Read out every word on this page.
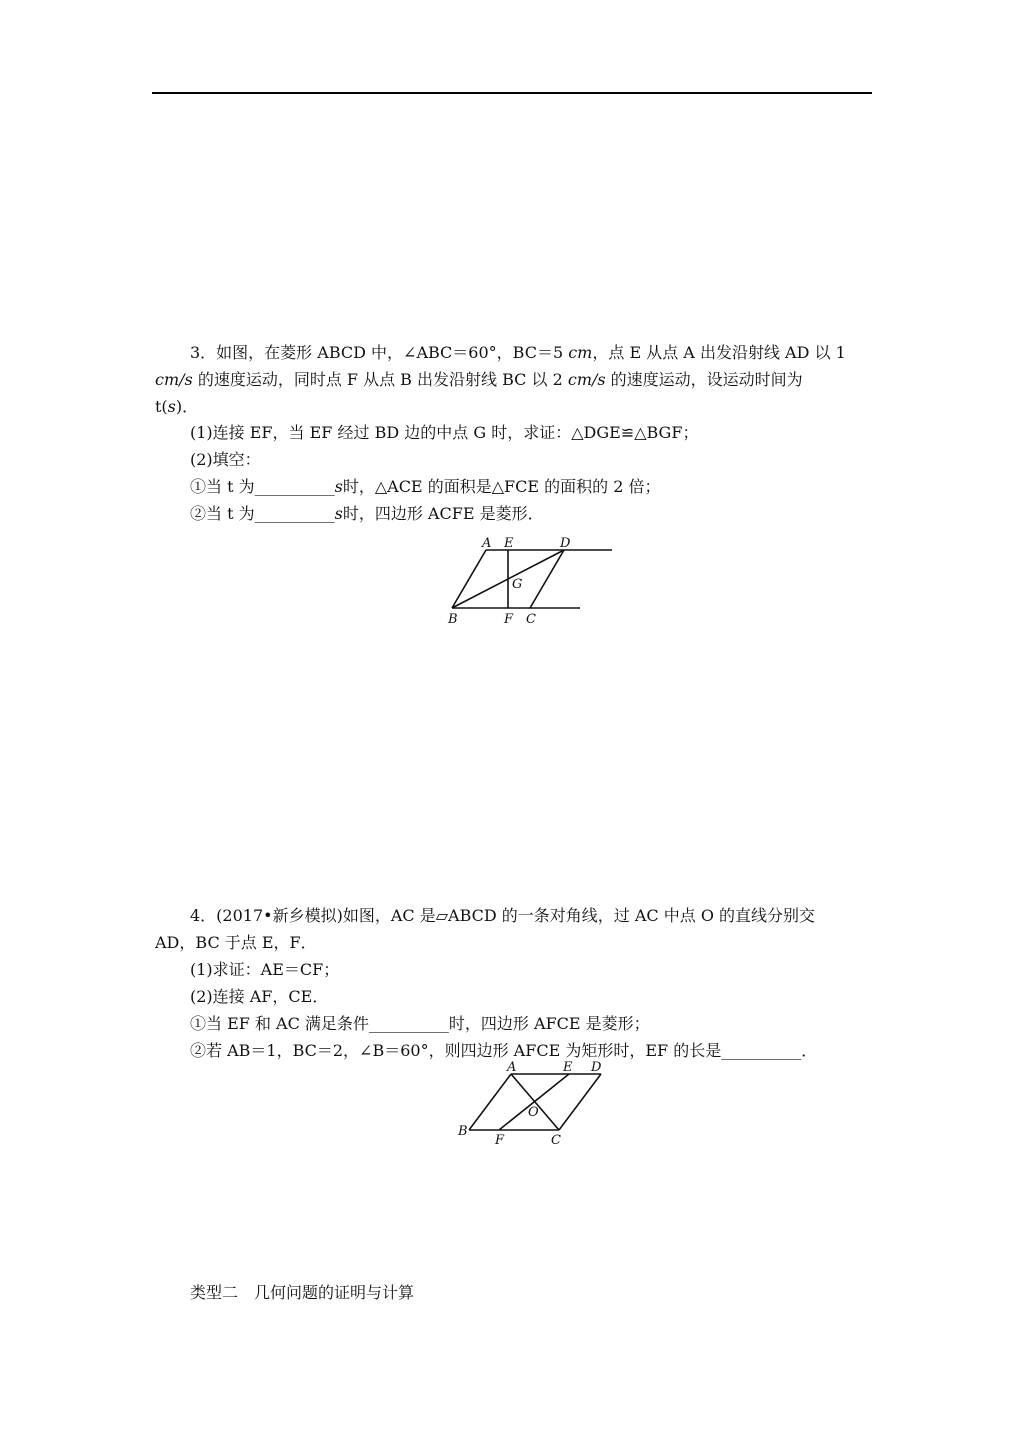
3．如图，在菱形 ABCD 中，∠ABC＝60°，BC＝5 cm，点 E 从点 A 出发沿射线 AD 以 1
cm/s 的速度运动，同时点 F 从点 B 出发沿射线 BC 以 2 cm/s 的速度运动，设运动时间为
t(s)．
(1)连接 EF，当 EF 经过 BD 边的中点 G 时，求证：△DGE≌△BGF；
(2)填空：
①当 t 为__________s时，△ACE 的面积是△FCE 的面积的 2 倍；
②当 t 为__________s时，四边形 ACFE 是菱形．
A E	D
G
B	F C
4．(2017•新乡模拟)如图，AC 是▱ABCD 的一条对角线，过 AC 中点 O 的直线分别交
AD，BC 于点 E，F．
(1)求证：AE＝CF；
(2)连接 AF，CE．
①当 EF 和 AC 满足条件__________时，四边形 AFCE 是菱形；
②若 AB＝1，BC＝2，∠B＝60°，则四边形 AFCE 为矩形时，EF 的长是__________．
A	E D
O
B
F	C
类型二　几何问题的证明与计算
